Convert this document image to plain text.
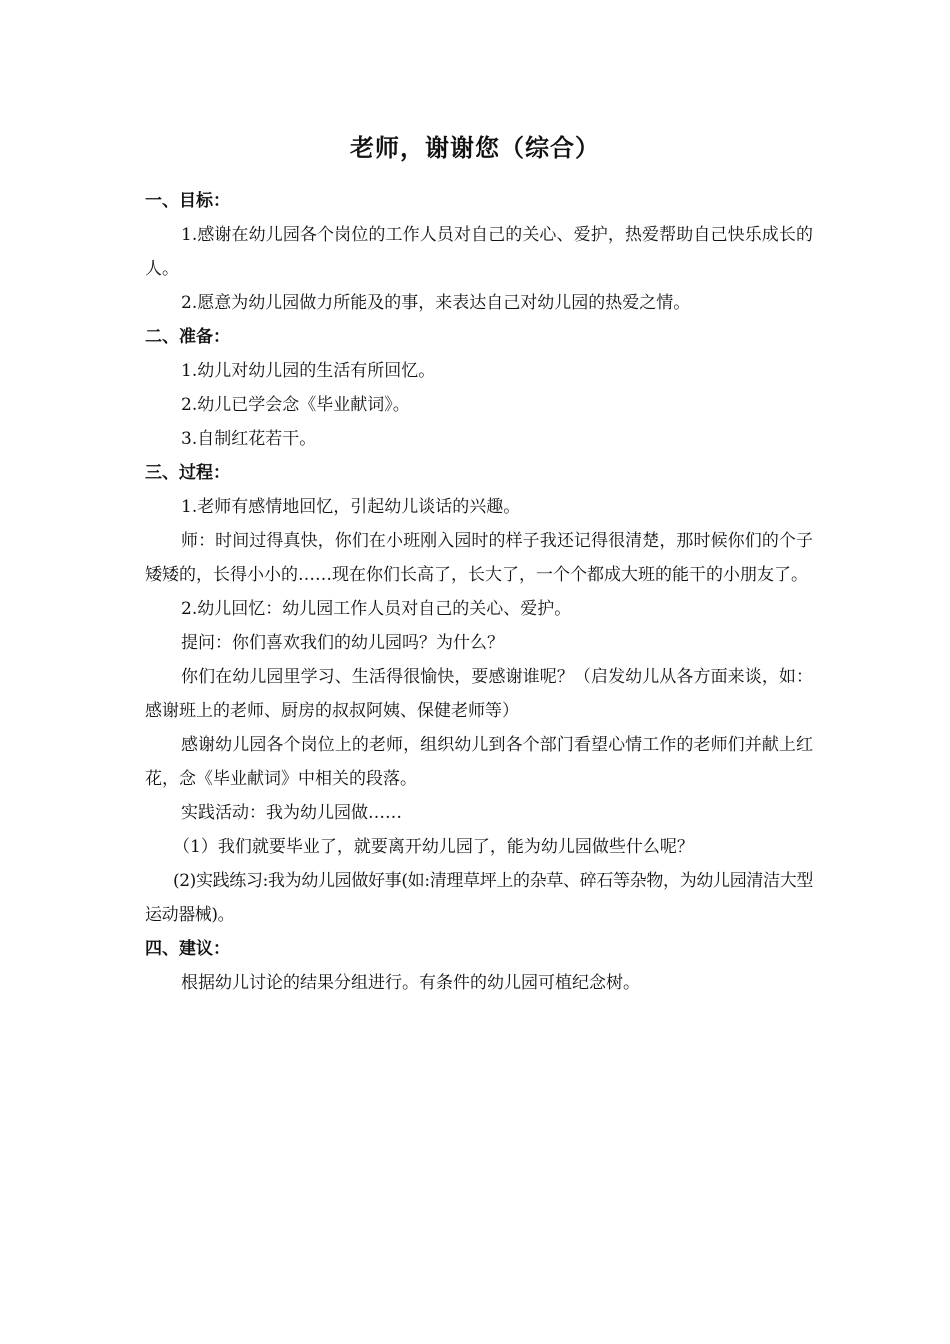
老师，谢谢您（综合）

一、目标：

1.感谢在幼儿园各个岗位的工作人员对自己的关心、爱护，热爱帮助自己快乐成长的人。

2.愿意为幼儿园做力所能及的事，来表达自己对幼儿园的热爱之情。

二、准备：

1.幼儿对幼儿园的生活有所回忆。

2.幼儿已学会念《毕业献词》。

3.自制红花若干。

三、过程：

1.老师有感情地回忆，引起幼儿谈话的兴趣。

师：时间过得真快，你们在小班刚入园时的样子我还记得很清楚，那时候你们的个子矮矮的，长得小小的……现在你们长高了，长大了，一个个都成大班的能干的小朋友了。

2.幼儿回忆：幼儿园工作人员对自己的关心、爱护。

提问：你们喜欢我们的幼儿园吗？为什么？

你们在幼儿园里学习、生活得很愉快，要感谢谁呢？（启发幼儿从各方面来谈，如：感谢班上的老师、厨房的叔叔阿姨、保健老师等）

感谢幼儿园各个岗位上的老师，组织幼儿到各个部门看望心情工作的老师们并献上红花，念《毕业献词》中相关的段落。

实践活动：我为幼儿园做……

（1）我们就要毕业了，就要离开幼儿园了，能为幼儿园做些什么呢？

(2)实践练习:我为幼儿园做好事(如:清理草坪上的杂草、碎石等杂物，为幼儿园清洁大型运动器械)。

四、建议：

根据幼儿讨论的结果分组进行。有条件的幼儿园可植纪念树。
